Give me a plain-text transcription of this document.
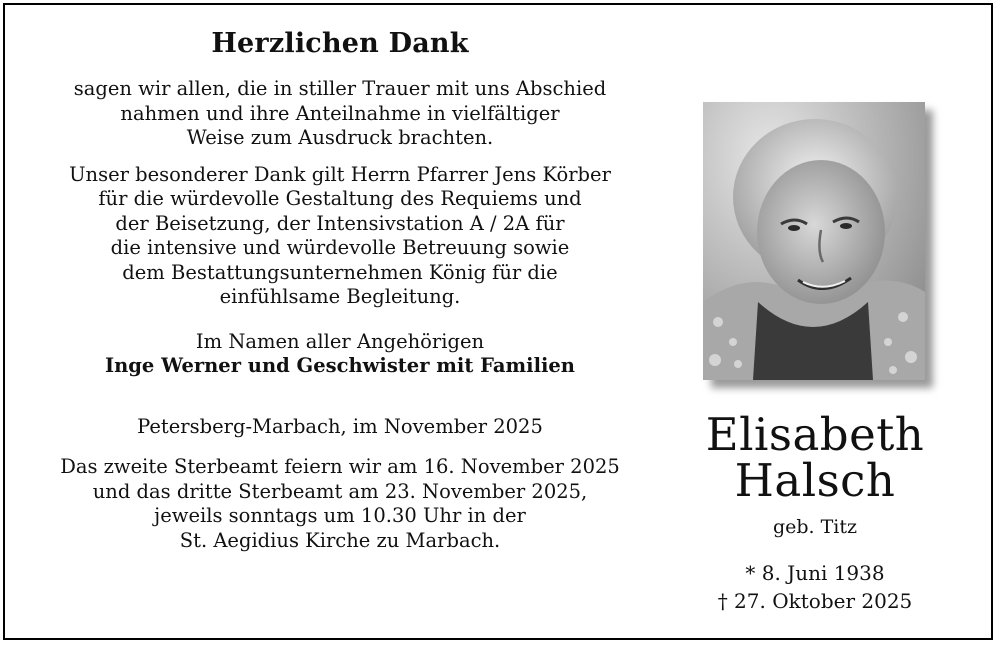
Herzlichen Dank

sagen wir allen, die in stiller Trauer mit uns Abschied

nahmen und ihre Anteilnahme in vielfältiger

Weise zum Ausdruck brachten.

Unser besonderer Dank gilt Herrn Pfarrer Jens Körber

für die würdevolle Gestaltung des Requiems und

der Beisetzung, der Intensivstation A / 2A für

die intensive und würdevolle Betreuung sowie

dem Bestattungsunternehmen König für die

einfühlsame Begleitung.

Im Namen aller Angehörigen

Inge Werner und Geschwister mit Familien

Petersberg-Marbach, im November 2025

Das zweite Sterbeamt feiern wir am 16. November 2025

und das dritte Sterbeamt am 23. November 2025,

jeweils sonntags um 10.30 Uhr in der

St. Aegidius Kirche zu Marbach.

Elisabeth
Halsch
geb. Titz
* 8. Juni 1938
† 27. Oktober 2025
